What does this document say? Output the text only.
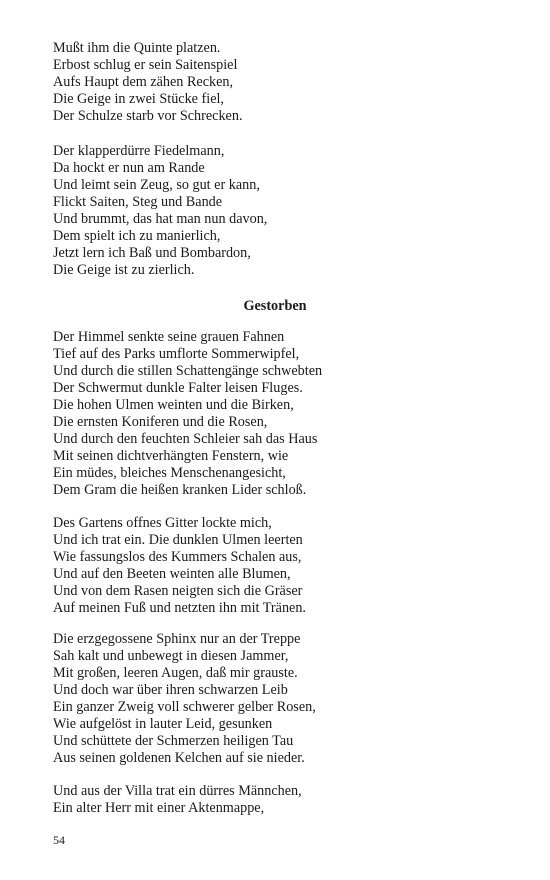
Mußt ihm die Quinte platzen.
Erbost schlug er sein Saitenspiel
Aufs Haupt dem zähen Recken,
Die Geige in zwei Stücke fiel,
Der Schulze starb vor Schrecken.
Der klapperdürre Fiedelmann,
Da hockt er nun am Rande
Und leimt sein Zeug, so gut er kann,
Flickt Saiten, Steg und Bande
Und brummt, das hat man nun davon,
Dem spielt ich zu manierlich,
Jetzt lern ich Baß und Bombardon,
Die Geige ist zu zierlich.
Gestorben
Der Himmel senkte seine grauen Fahnen
Tief auf des Parks umflorte Sommerwipfel,
Und durch die stillen Schattengänge schwebten
Der Schwermut dunkle Falter leisen Fluges.
Die hohen Ulmen weinten und die Birken,
Die ernsten Koniferen und die Rosen,
Und durch den feuchten Schleier sah das Haus
Mit seinen dichtverhängten Fenstern, wie
Ein müdes, bleiches Menschenangesicht,
Dem Gram die heißen kranken Lider schloß.
Des Gartens offnes Gitter lockte mich,
Und ich trat ein. Die dunklen Ulmen leerten
Wie fassungslos des Kummers Schalen aus,
Und auf den Beeten weinten alle Blumen,
Und von dem Rasen neigten sich die Gräser
Auf meinen Fuß und netzten ihn mit Tränen.
Die erzgegossene Sphinx nur an der Treppe
Sah kalt und unbewegt in diesen Jammer,
Mit großen, leeren Augen, daß mir grauste.
Und doch war über ihren schwarzen Leib
Ein ganzer Zweig voll schwerer gelber Rosen,
Wie aufgelöst in lauter Leid, gesunken
Und schüttete der Schmerzen heiligen Tau
Aus seinen goldenen Kelchen auf sie nieder.
Und aus der Villa trat ein dürres Männchen,
Ein alter Herr mit einer Aktenmappe,
54
